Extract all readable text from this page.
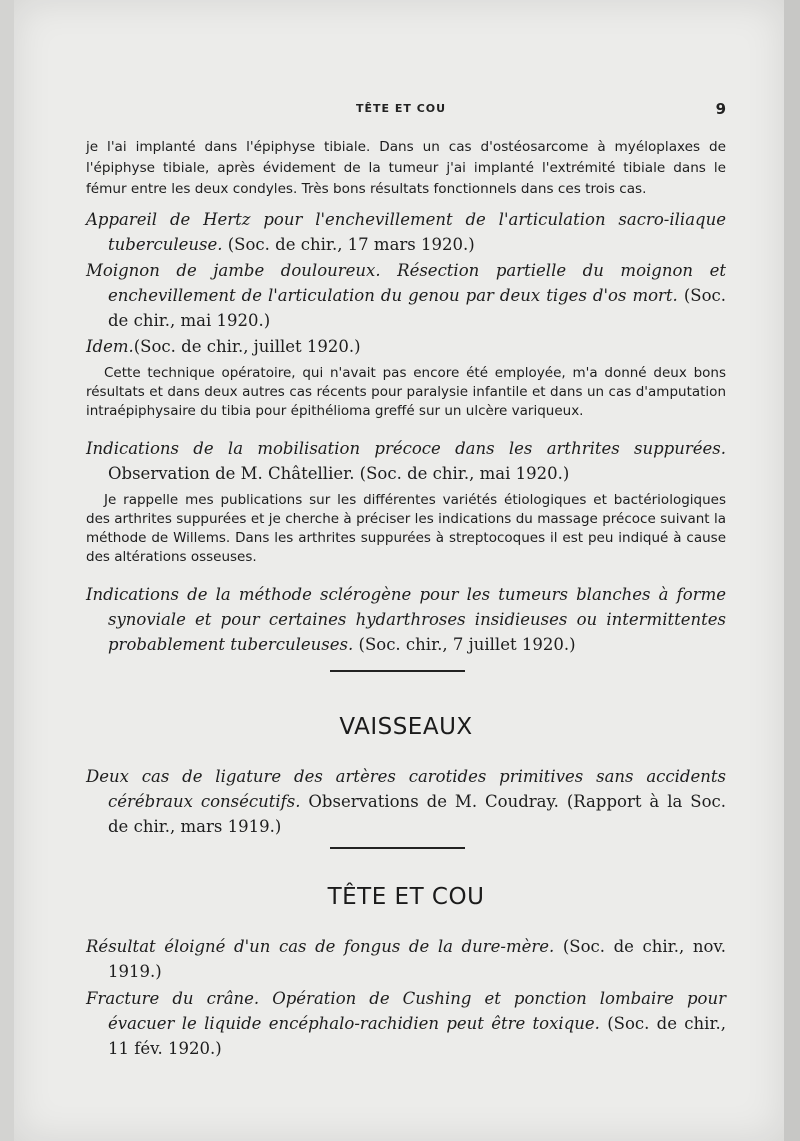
TÊTE ET COU	9

je l'ai implanté dans l'épiphyse tibiale. Dans un cas d'ostéosarcome à myéloplaxes de l'épiphyse tibiale, après évidement de la tumeur j'ai implanté l'extrémité tibiale dans le fémur entre les deux condyles. Très bons résultats fonctionnels dans ces trois cas.

Appareil de Hertz pour l'enchevillement de l'articulation sacro-iliaque tuberculeuse. (Soc. de chir., 17 mars 1920.)

Moignon de jambe douloureux. Résection partielle du moignon et enchevillement de l'articulation du genou par deux tiges d'os mort. (Soc. de chir., mai 1920.)

Idem.(Soc. de chir., juillet 1920.)

Cette technique opératoire, qui n'avait pas encore été employée, m'a donné deux bons résultats et dans deux autres cas récents pour paralysie infantile et dans un cas d'amputation intraépiphysaire du tibia pour épithélioma greffé sur un ulcère variqueux.

Indications de la mobilisation précoce dans les arthrites suppurées. Observation de M. Châtellier. (Soc. de chir., mai 1920.)

Je rappelle mes publications sur les différentes variétés étiologiques et bactériologiques des arthrites suppurées et je cherche à préciser les indications du massage précoce suivant la méthode de Willems. Dans les arthrites suppurées à streptocoques il est peu indiqué à cause des altérations osseuses.

Indications de la méthode sclérogène pour les tumeurs blanches à forme synoviale et pour certaines hydarthroses insidieuses ou intermittentes probablement tuberculeuses. (Soc. chir., 7 juillet 1920.)

VAISSEAUX

Deux cas de ligature des artères carotides primitives sans accidents cérébraux consécutifs. Observations de M. Coudray. (Rapport à la Soc. de chir., mars 1919.)

TÊTE ET COU

Résultat éloigné d'un cas de fongus de la dure-mère. (Soc. de chir., nov. 1919.)

Fracture du crâne. Opération de Cushing et ponction lombaire pour évacuer le liquide encéphalo-rachidien peut être toxique. (Soc. de chir., 11 fév. 1920.)
